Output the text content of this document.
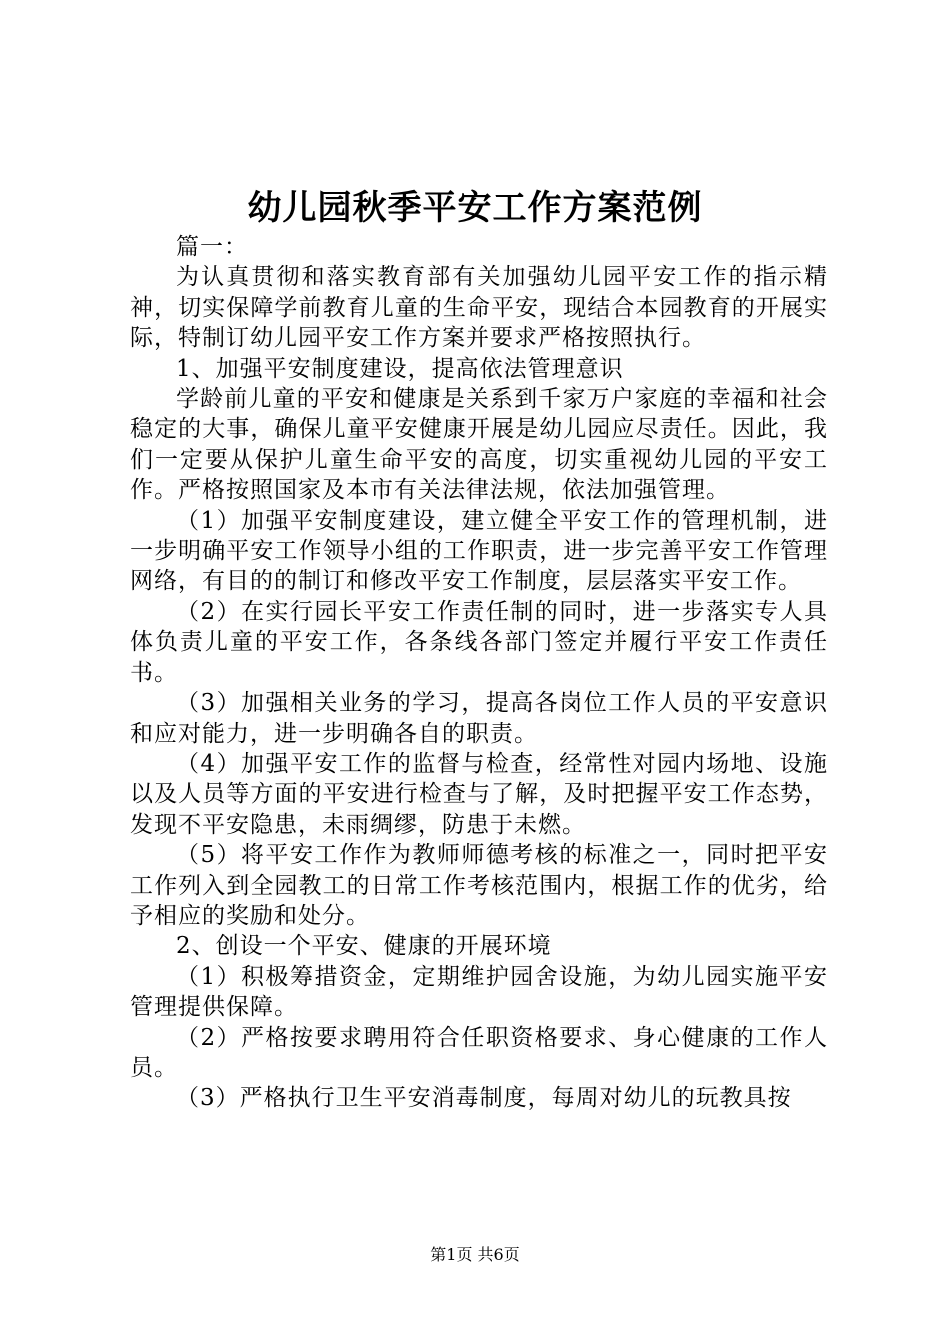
幼儿园秋季平安工作方案范例

篇一：

为认真贯彻和落实教育部有关加强幼儿园平安工作的指示精神，切实保障学前教育儿童的生命平安，现结合本园教育的开展实际，特制订幼儿园平安工作方案并要求严格按照执行。

1、加强平安制度建设，提高依法管理意识

学龄前儿童的平安和健康是关系到千家万户家庭的幸福和社会稳定的大事，确保儿童平安健康开展是幼儿园应尽责任。因此，我们一定要从保护儿童生命平安的高度，切实重视幼儿园的平安工作。严格按照国家及本市有关法律法规，依法加强管理。

（1）加强平安制度建设，建立健全平安工作的管理机制，进一步明确平安工作领导小组的工作职责，进一步完善平安工作管理网络，有目的的制订和修改平安工作制度，层层落实平安工作。

（2）在实行园长平安工作责任制的同时，进一步落实专人具体负责儿童的平安工作，各条线各部门签定并履行平安工作责任书。

（3）加强相关业务的学习，提高各岗位工作人员的平安意识和应对能力，进一步明确各自的职责。

（4）加强平安工作的监督与检查，经常性对园内场地、设施以及人员等方面的平安进行检查与了解，及时把握平安工作态势，发现不平安隐患，未雨绸缪，防患于未燃。

（5）将平安工作作为教师师德考核的标准之一，同时把平安工作列入到全园教工的日常工作考核范围内，根据工作的优劣，给予相应的奖励和处分。

2、创设一个平安、健康的开展环境

（1）积极筹措资金，定期维护园舍设施，为幼儿园实施平安管理提供保障。

（2）严格按要求聘用符合任职资格要求、身心健康的工作人员。

（3）严格执行卫生平安消毒制度，每周对幼儿的玩教具按

第1页 共6页
